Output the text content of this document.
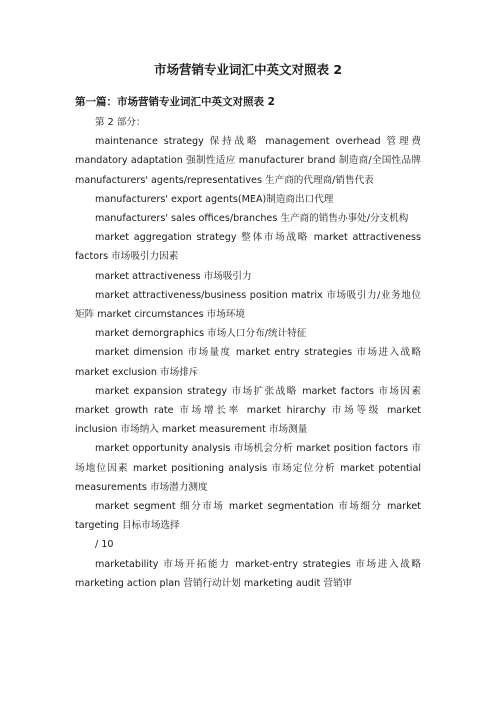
市场营销专业词汇中英文对照表 2
第一篇：市场营销专业词汇中英文对照表 2

第 2 部分：

maintenance strategy 保持战略 management overhead 管理费 mandatory adaptation 强制性适应 manufacturer brand 制造商/全国性品牌 manufacturers' agents/representatives 生产商的代理商/销售代表

manufacturers' export agents(MEA)制造商出口代理

manufacturers' sales offices/branches 生产商的销售办事处/分支机构

market aggregation strategy 整体市场战略 market attractiveness factors 市场吸引力因素

market attractiveness 市场吸引力

market attractiveness/business position matrix 市场吸引力/业务地位矩阵 market circumstances 市场环境

market demorgraphics 市场人口分布/统计特征

market dimension 市场量度 market entry strategies 市场进入战略 market exclusion 市场排斥

market expansion strategy 市场扩张战略 market factors 市场因素 market growth rate 市场增长率 market hirarchy 市场等级 market inclusion 市场纳入 market measurement 市场测量

market opportunity analysis 市场机会分析 market position factors 市场地位因素 market positioning analysis 市场定位分析 market potential measurements 市场潜力测度

market segment 细分市场 market segmentation 市场细分 market targeting 目标市场选择

/ 10

marketability 市场开拓能力 market-entry strategies 市场进入战略 marketing action plan 营销行动计划 marketing audit 营销审
